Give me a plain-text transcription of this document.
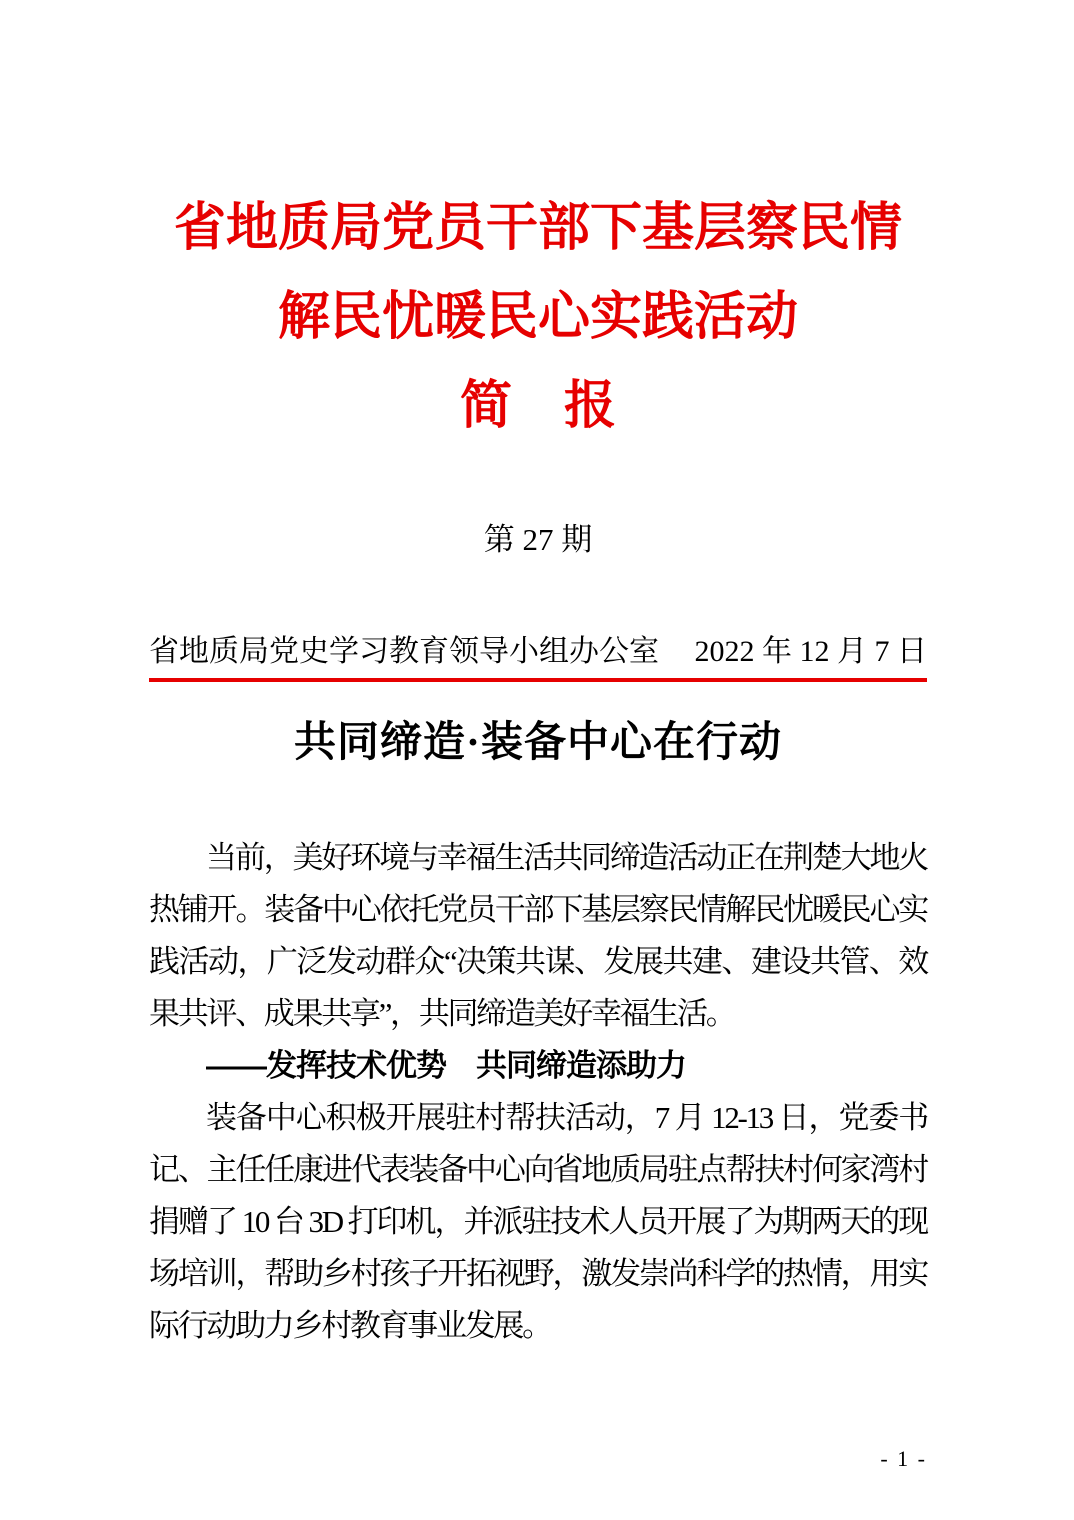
省地质局党员干部下基层察民情
解民忧暖民心实践活动
简　报
第 27 期
省地质局党史学习教育领导小组办公室 2022 年 12 月 7 日
共同缔造·装备中心在行动

当前，美好环境与幸福生活共同缔造活动正在荆楚大地火热铺开。装备中心依托党员干部下基层察民情解民忧暖民心实践活动，广泛发动群众“决策共谋、发展共建、建设共管、效果共评、成果共享”，共同缔造美好幸福生活。

——发挥技术优势　共同缔造添助力

装备中心积极开展驻村帮扶活动，7 月 12-13 日，党委书记、主任任康进代表装备中心向省地质局驻点帮扶村何家湾村捐赠了 10 台 3D 打印机，并派驻技术人员开展了为期两天的现场培训，帮助乡村孩子开拓视野，激发崇尚科学的热情，用实际行动助力乡村教育事业发展。

- 1 -
